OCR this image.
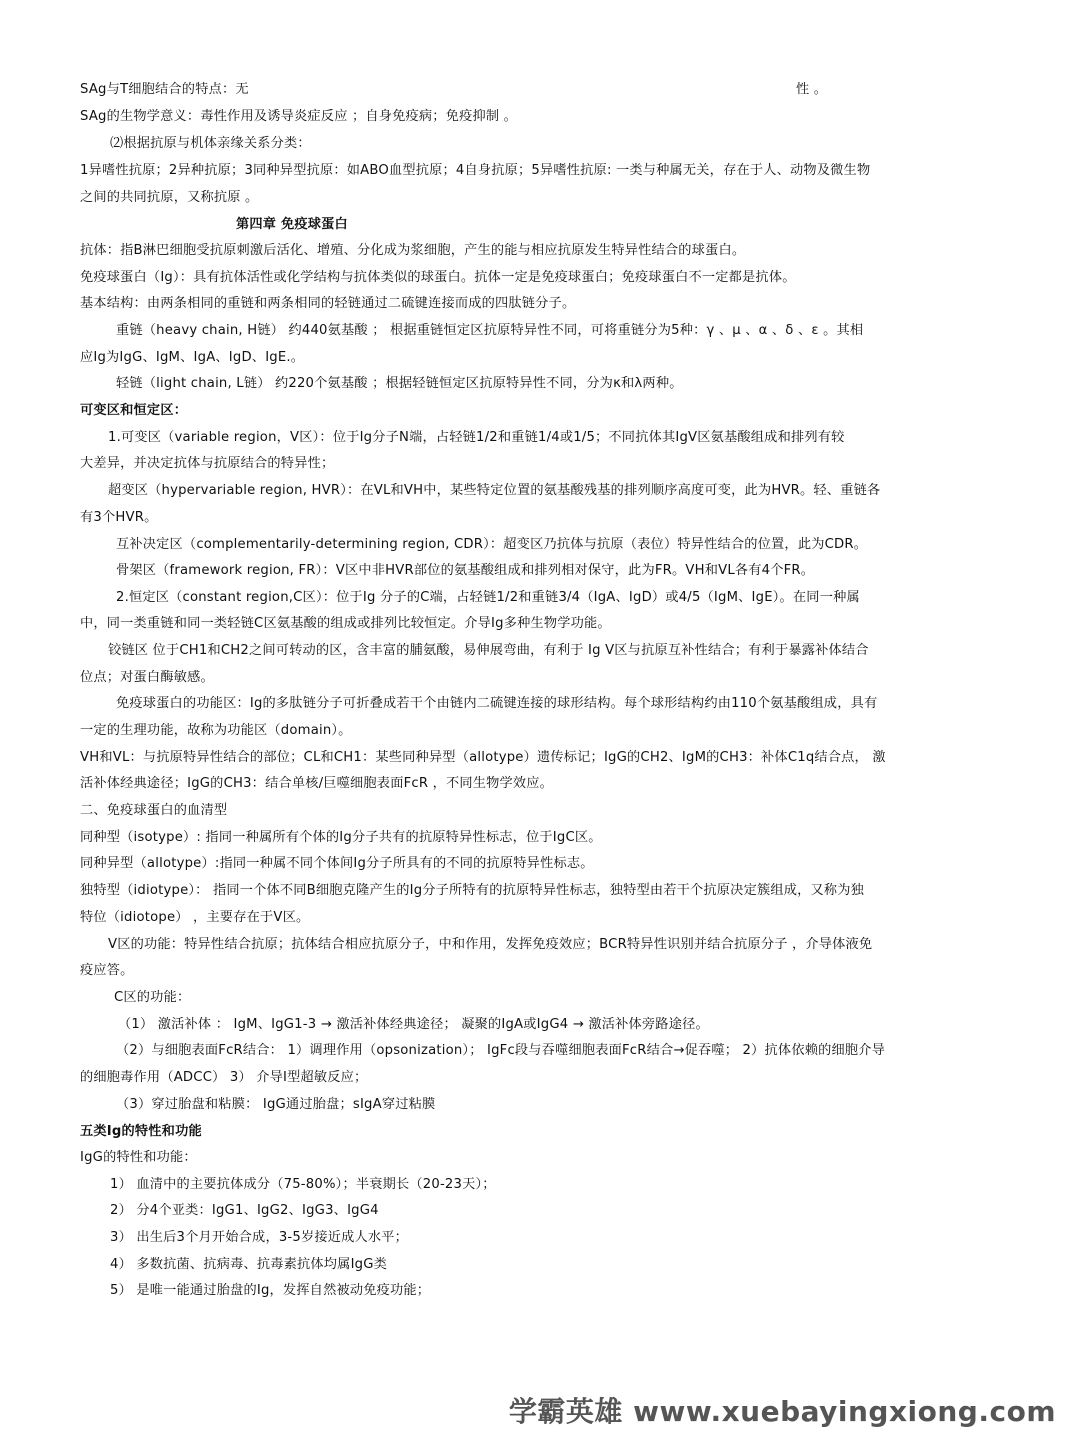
SAg与T细胞结合的特点：无	性 。
SAg的生物学意义：毒性作用及诱导炎症反应 ；自身免疫病；免疫抑制 。
⑵根据抗原与机体亲缘关系分类：
1异嗜性抗原；2异种抗原；3同种异型抗原：如ABO血型抗原；4自身抗原；5异嗜性抗原: 一类与种属无关，存在于人、动物及微生物
之间的共同抗原，又称抗原 。
第四章 免疫球蛋白
抗体：指B淋巴细胞受抗原刺激后活化、增殖、分化成为浆细胞，产生的能与相应抗原发生特异性结合的球蛋白。
免疫球蛋白（Ig）：具有抗体活性或化学结构与抗体类似的球蛋白。抗体一定是免疫球蛋白；免疫球蛋白不一定都是抗体。
基本结构：由两条相同的重链和两条相同的轻链通过二硫键连接而成的四肽链分子。
重链（heavy chain, H链） 约440氨基酸 ； 根据重链恒定区抗原特异性不同，可将重链分为5种：γ 、μ 、α 、δ 、ε 。其相
应Ig为IgG、IgM、IgA、IgD、IgE.。
轻链（light chain, L链） 约220个氨基酸 ；根据轻链恒定区抗原特异性不同，分为κ和λ两种。
可变区和恒定区：
1.可变区（variable region，V区）：位于Ig分子N端，占轻链1/2和重链1/4或1/5；不同抗体其IgV区氨基酸组成和排列有较
大差异，并决定抗体与抗原结合的特异性；
超变区（hypervariable region, HVR）：在VL和VH中，某些特定位置的氨基酸残基的排列顺序高度可变，此为HVR。轻、重链各
有3个HVR。
互补决定区（complementarily-determining region, CDR）：超变区乃抗体与抗原（表位）特异性结合的位置，此为CDR。
骨架区（framework region, FR）：V区中非HVR部位的氨基酸组成和排列相对保守，此为FR。VH和VL各有4个FR。
2.恒定区（constant region,C区）：位于Ig 分子的C端，占轻链1/2和重链3/4（IgA、IgD）或4/5（IgM、IgE）。在同一种属
中，同一类重链和同一类轻链C区氨基酸的组成或排列比较恒定。介导Ig多种生物学功能。
铰链区 位于CH1和CH2之间可转动的区，含丰富的脯氨酸，易伸展弯曲，有利于 Ig V区与抗原互补性结合；有利于暴露补体结合
位点；对蛋白酶敏感。
免疫球蛋白的功能区：Ig的多肽链分子可折叠成若干个由链内二硫键连接的球形结构。每个球形结构约由110个氨基酸组成，具有
一定的生理功能，故称为功能区（domain）。
VH和VL：与抗原特异性结合的部位；CL和CH1：某些同种异型（allotype）遗传标记；IgG的CH2、IgM的CH3：补体C1q结合点， 激
活补体经典途径；IgG的CH3：结合单核/巨噬细胞表面FcR ，不同生物学效应。
二、免疫球蛋白的血清型
同种型（isotype）: 指同一种属所有个体的Ig分子共有的抗原特异性标志，位于IgC区。
同种异型（allotype）:指同一种属不同个体间Ig分子所具有的不同的抗原特异性标志。
独特型（idiotype）： 指同一个体不同B细胞克隆产生的Ig分子所特有的抗原特异性标志，独特型由若干个抗原决定簇组成，又称为独
特位（idiotope） ，主要存在于V区。
V区的功能：特异性结合抗原；抗体结合相应抗原分子，中和作用，发挥免疫效应；BCR特异性识别并结合抗原分子 ，介导体液免
疫应答。
C区的功能：
（1） 激活补体 ： IgM、IgG1-3 → 激活补体经典途径； 凝聚的IgA或IgG4 → 激活补体旁路途径。
（2）与细胞表面FcR结合： 1）调理作用（opsonization）； IgFc段与吞噬细胞表面FcR结合→促吞噬； 2）抗体依赖的细胞介导
的细胞毒作用（ADCC） 3） 介导Ⅰ型超敏反应；
（3）穿过胎盘和粘膜： IgG通过胎盘；sIgA穿过粘膜
五类Ig的特性和功能
IgG的特性和功能：
1） 血清中的主要抗体成分（75-80%）；半衰期长（20-23天）；
2） 分4个亚类：IgG1、IgG2、IgG3、IgG4
3） 出生后3个月开始合成，3-5岁接近成人水平；
4） 多数抗菌、抗病毒、抗毒素抗体均属IgG类
5） 是唯一能通过胎盘的Ig，发挥自然被动免疫功能；
学霸英雄 www.xuebayingxiong.com
